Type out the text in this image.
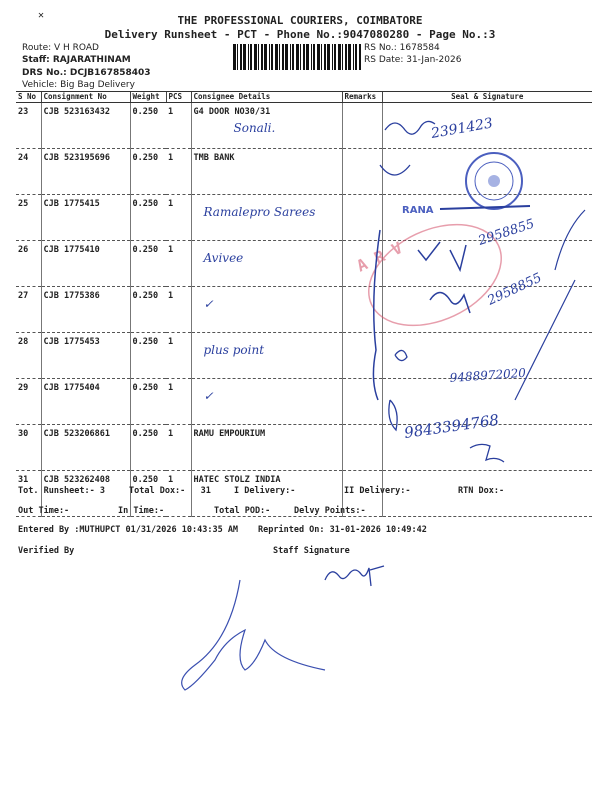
THE PROFESSIONAL COURIERS, COIMBATORE
Delivery Runsheet - PCT - Phone No.:9047080280 - Page No.:3
✕
Route: V H ROAD
Staff: RAJARATHINAM
DRS No.: DCJB167858403
Vehicle: Big Bag Delivery
RS No.: 1678584
RS Date: 31-Jan-2026
S No	Consignment No	Weight	PCS	Consignee Details	Remarks	Seal & Signature
23	CJB 523163432	0.250	1	G4 DOOR NO30/31
Sonali.		

24	CJB 523195696	0.250	1	TMB BANK		
25	CJB 1775415	0.250	1	Ramalepro Sarees		

26	CJB 1775410	0.250	1	Avivee		

27	CJB 1775386	0.250	1	✓		

28	CJB 1775453	0.250	1	plus point		

29	CJB 1775404	0.250	1	✓		

30	CJB 523206861	0.250	1	RAMU EMPOURIUM		
31	CJB 523262408	0.250	1	HATEC STOLZ INDIA		
RANA
A R V
2391423
2958855
2958855
9488972020
9843394768
Tot. Runsheet:- 3	Total Dox:-   31	I Delivery:-	II Delivery:-	RTN Dox:-
Out Time:-	In Time:-	Total POD:-	Delvy Points:-
Entered By :MUTHUPCT 01/31/2026 10:43:35 AM Reprinted On: 31-01-2026 10:49:42
Verified By	Staff Signature
